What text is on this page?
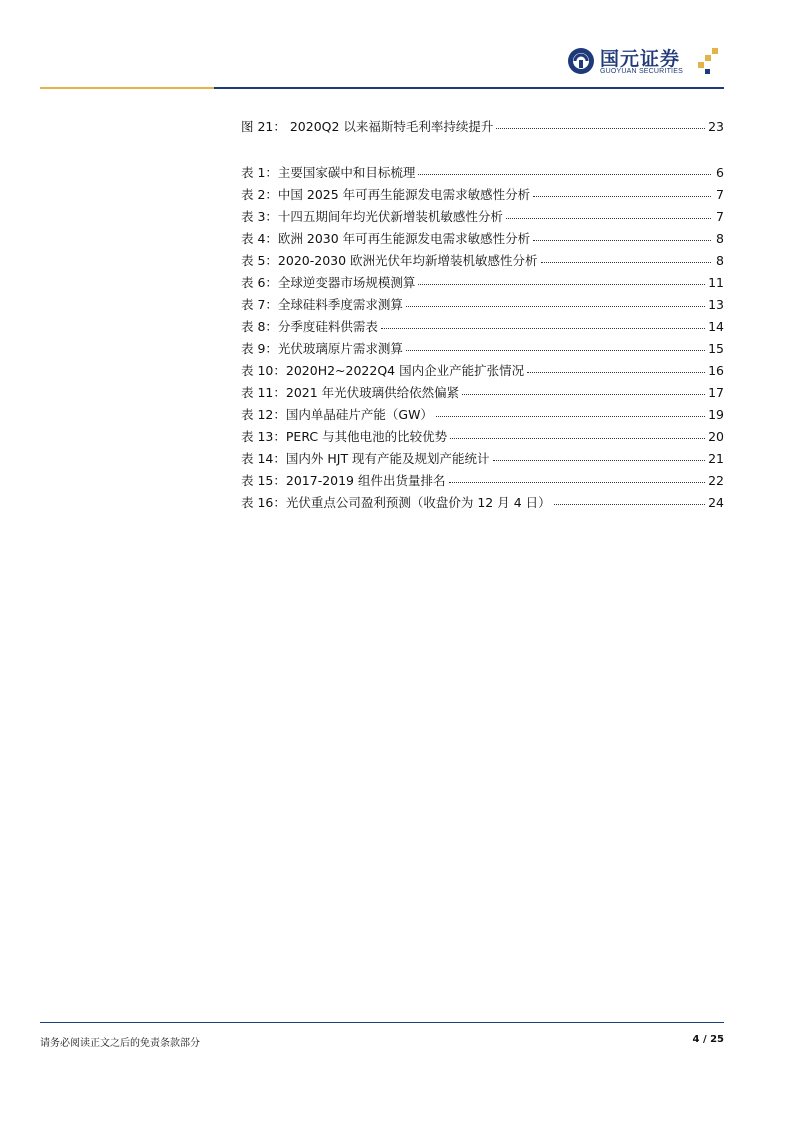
国元证券
GUOYUAN SECURITIES
图 21： 2020Q2 以来福斯特毛利率持续提升	23
表 1：主要国家碳中和目标梳理	6
表 2：中国 2025 年可再生能源发电需求敏感性分析	7
表 3：十四五期间年均光伏新增装机敏感性分析	7
表 4：欧洲 2030 年可再生能源发电需求敏感性分析	8
表 5：2020-2030 欧洲光伏年均新增装机敏感性分析	8
表 6：全球逆变器市场规模测算	11
表 7：全球硅料季度需求测算	13
表 8：分季度硅料供需表	14
表 9：光伏玻璃原片需求测算	15
表 10：2020H2~2022Q4 国内企业产能扩张情况	16
表 11：2021 年光伏玻璃供给依然偏紧	17
表 12：国内单晶硅片产能（GW）	19
表 13：PERC 与其他电池的比较优势	20
表 14：国内外 HJT 现有产能及规划产能统计	21
表 15：2017-2019 组件出货量排名	22
表 16：光伏重点公司盈利预测（收盘价为 12 月 4 日）	24
请务必阅读正文之后的免责条款部分	4 / 25
